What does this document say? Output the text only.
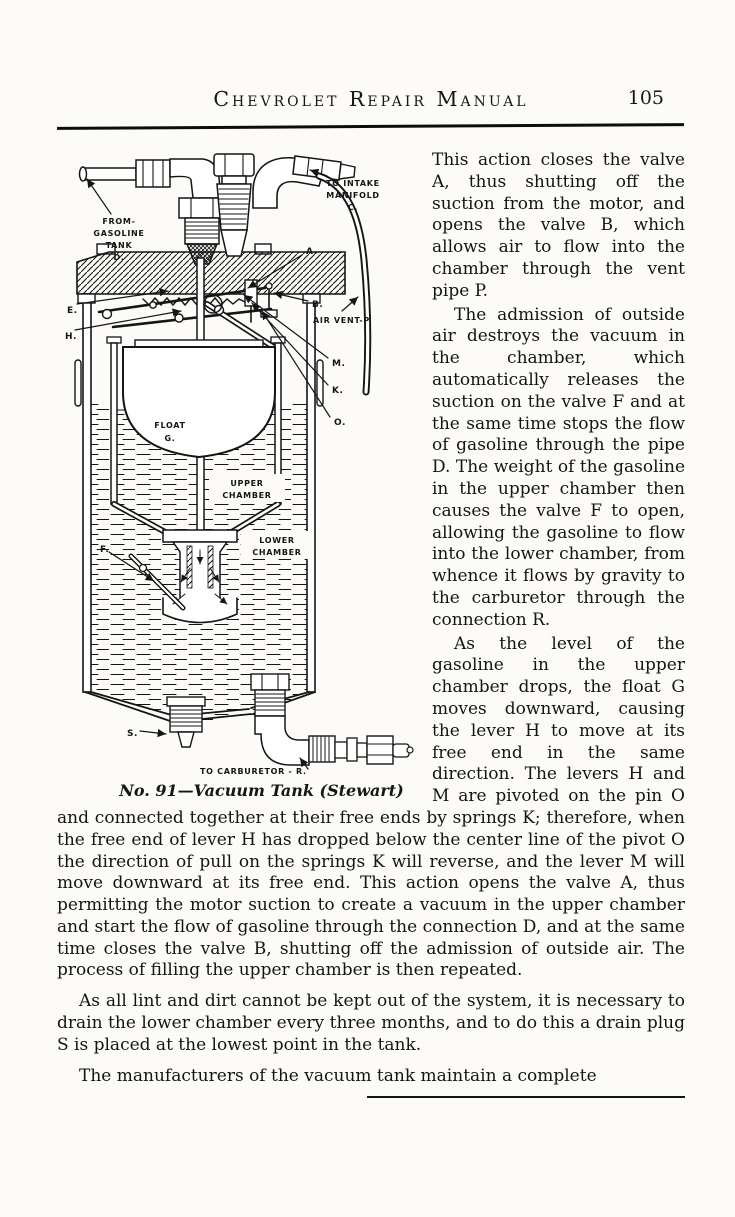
Chevrolet Repair Manual	105
FLOAT
G.
UPPER
CHAMBER
LOWER
CHAMBER
TO INTAKE
MANIFOLD
C.
FROM-
GASOLINE
TANK
D.
A.
B.
AIR VENT-P.
E.
H.
M.
K.
O.
F.
S.
TO CARBURETOR - R.
No. 91—Vacuum Tank (Stewart)

This action closes the valve A, thus shutting off the suction from the motor, and opens the valve B, which allows air to flow into the chamber through the vent pipe P.

The admission of outside air destroys the vacuum in the chamber, which automatically releases the suction on the valve F and at the same time stops the flow of gasoline through the pipe D. The weight of the gasoline in the upper chamber then causes the valve F to open, allowing the gasoline to flow into the lower chamber, from whence it flows by gravity to the carburetor through the connection R.

As the level of the gasoline in the upper chamber drops, the float G moves downward, causing the lever H to move at its free end in the same direction. The levers H and M are pivoted on the pin O and connected together at their free ends by springs K; therefore, when the free end of lever H has dropped below the center line of the pivot O the direction of pull on the springs K will reverse, and the lever M will move downward at its free end. This action opens the valve A, thus permitting the motor suction to create a vacuum in the upper chamber and start the flow of gasoline through the connection D, and at the same time closes the valve B, shutting off the admission of outside air. The process of filling the upper chamber is then repeated.

As all lint and dirt cannot be kept out of the system, it is necessary to drain the lower chamber every three months, and to do this a drain plug S is placed at the lowest point in the tank.

The manufacturers of the vacuum tank maintain a complete
